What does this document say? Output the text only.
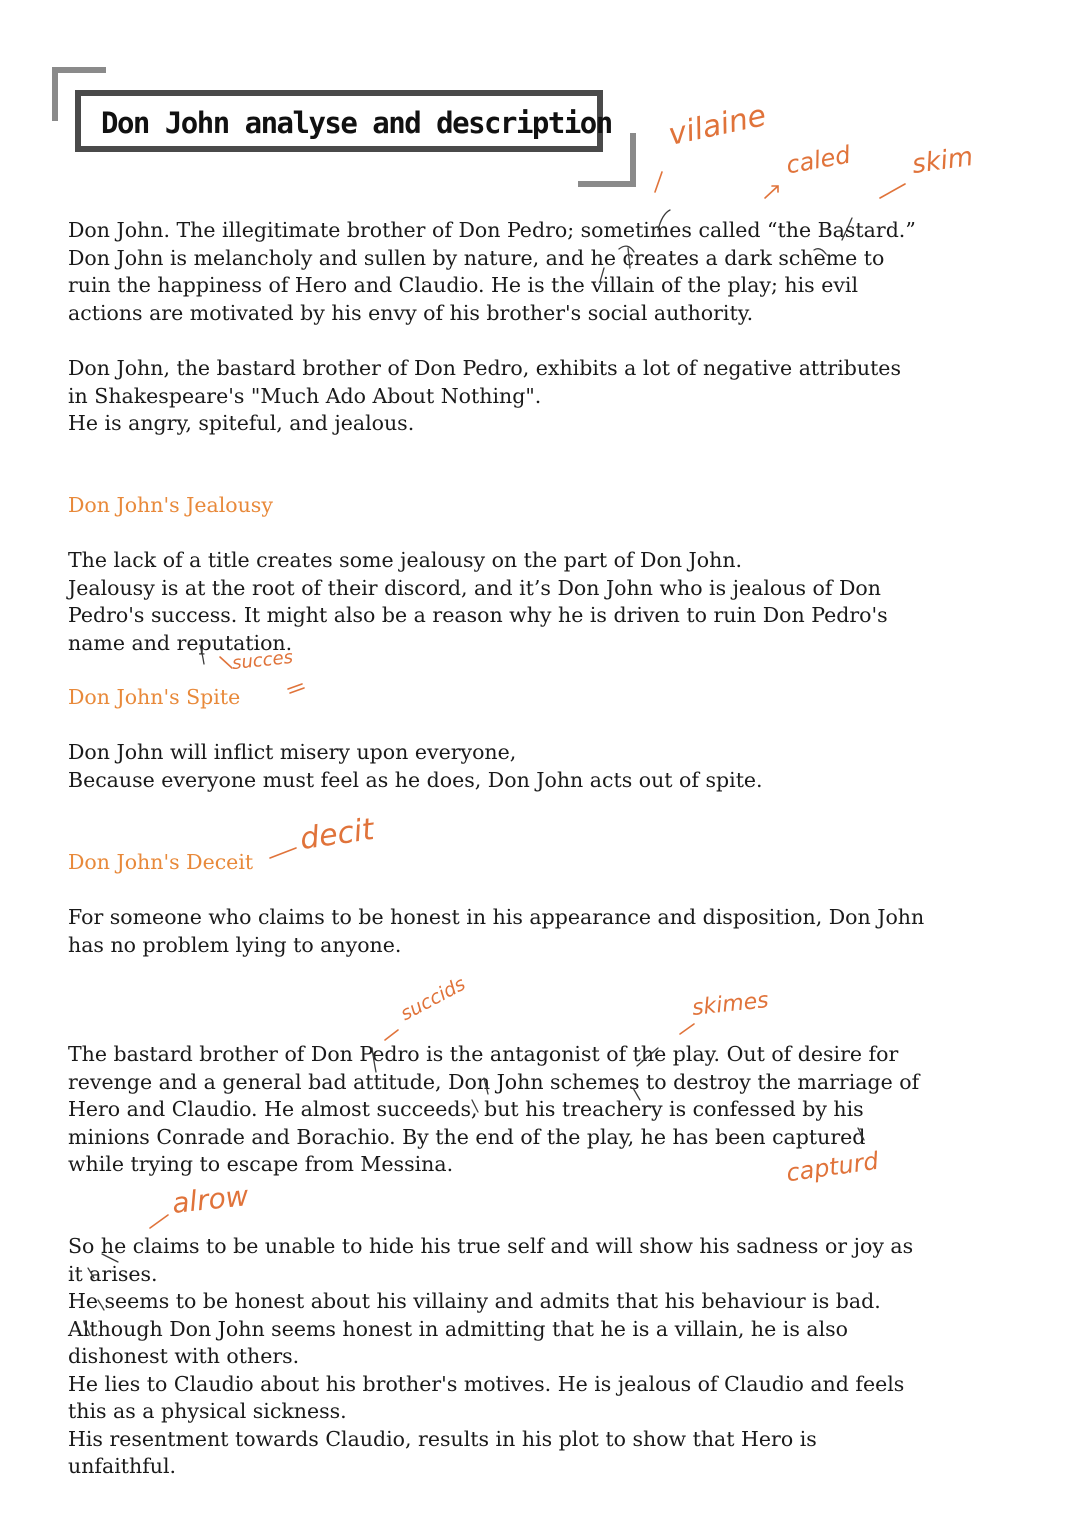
Don John analyse and description
Don John. The illegitimate brother of Don Pedro; sometimes called “the Bastard.”
Don John is melancholy and sullen by nature, and he creates a dark scheme to
ruin the happiness of Hero and Claudio. He is the villain of the play; his evil
actions are motivated by his envy of his brother's social authority.
Don John, the bastard brother of Don Pedro, exhibits a lot of negative attributes
in Shakespeare's "Much Ado About Nothing".
He is angry, spiteful, and jealous.
Don John's Jealousy
The lack of a title creates some jealousy on the part of Don John.
Jealousy is at the root of their discord, and it’s Don John who is jealous of Don
Pedro's success. It might also be a reason why he is driven to ruin Don Pedro's
name and reputation.
Don John's Spite
Don John will inflict misery upon everyone,
Because everyone must feel as he does, Don John acts out of spite.
Don John's Deceit
For someone who claims to be honest in his appearance and disposition, Don John
has no problem lying to anyone.
The bastard brother of Don Pedro is the antagonist of the play. Out of desire for
revenge and a general bad attitude, Don John schemes to destroy the marriage of
Hero and Claudio. He almost succeeds, but his treachery is confessed by his
minions Conrade and Borachio. By the end of the play, he has been captured
while trying to escape from Messina.
So he claims to be unable to hide his true self and will show his sadness or joy as
it arises.
He seems to be honest about his villainy and admits that his behaviour is bad.
Although Don John seems honest in admitting that he is a villain, he is also
dishonest with others.
He lies to Claudio about his brother's motives. He is jealous of Claudio and feels
this as a physical sickness.
His resentment towards Claudio, results in his plot to show that Hero is
unfaithful.
vilaine
caled skim
succes
decit
succids	skimes
capturd
alrow
